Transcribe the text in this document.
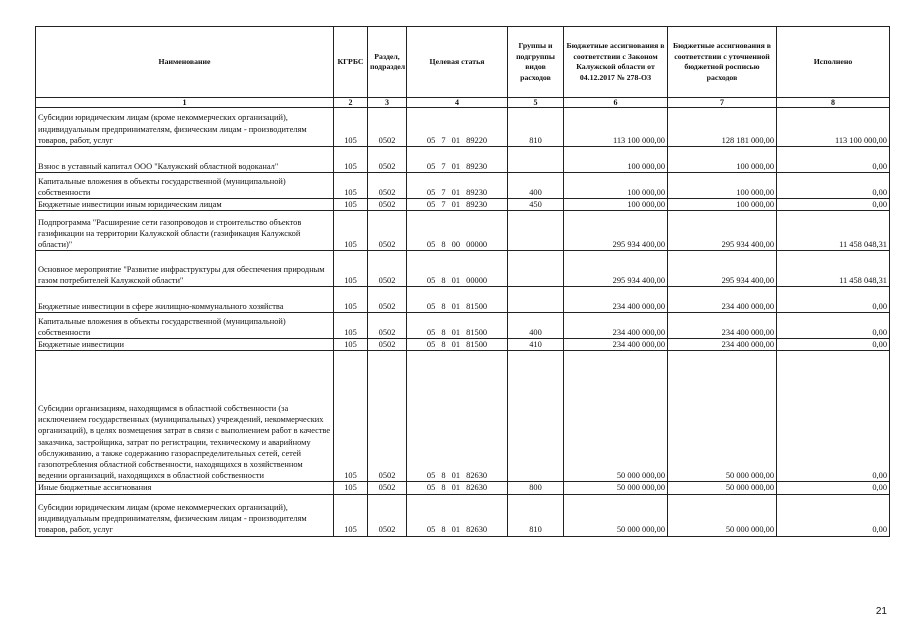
Наименование	КГРБС	Раздел, подраздел	Целевая статья	Группы и подгруппы видов расходов	Бюджетные ассигнования в соответствии с Законом Калужской области от 04.12.2017 № 278-ОЗ	Бюджетные ассигнования в соответствии с уточненной бюджетной росписью расходов	Исполнено
1	2	3	4	5	6	7	8
Субсидии юридическим лицам (кроме некоммерческих организаций), индивидуальным предпринимателям, физическим лицам - производителям товаров, работ, услуг	105	0502	05 7 01 89220	810	113 100 000,00	128 181 000,00	113 100 000,00
Взнос в уставный капитал ООО "Калужский областной водоканал"	105	0502	05 7 01 89230		100 000,00	100 000,00	0,00
Капитальные вложения в объекты государственной (муниципальной) собственности	105	0502	05 7 01 89230	400	100 000,00	100 000,00	0,00
Бюджетные инвестиции иным юридическим лицам	105	0502	05 7 01 89230	450	100 000,00	100 000,00	0,00
Подпрограмма "Расширение сети газопроводов и строительство объектов газификации на территории Калужской области (газификация Калужской области)"	105	0502	05 8 00 00000		295 934 400,00	295 934 400,00	11 458 048,31
Основное мероприятие "Развитие инфраструктуры для обеспечения природным газом потребителей Калужской области"	105	0502	05 8 01 00000		295 934 400,00	295 934 400,00	11 458 048,31
Бюджетные инвестиции в сфере жилищно-коммунального хозяйства	105	0502	05 8 01 81500		234 400 000,00	234 400 000,00	0,00
Капитальные вложения в объекты государственной (муниципальной) собственности	105	0502	05 8 01 81500	400	234 400 000,00	234 400 000,00	0,00
Бюджетные инвестиции	105	0502	05 8 01 81500	410	234 400 000,00	234 400 000,00	0,00
Субсидии организациям, находящимся в областной собственности (за исключением государственных (муниципальных) учреждений, некоммерческих организаций), в целях возмещения затрат в связи с выполнением работ в качестве заказчика, застройщика, затрат по регистрации, техническому и аварийному обслуживанию, а также содержанию газораспределительных сетей, сетей газопотребления областной собственности, находящихся в хозяйственном ведении организаций, находящихся в областной собственности	105	0502	05 8 01 82630		50 000 000,00	50 000 000,00	0,00
Иные бюджетные ассигнования	105	0502	05 8 01 82630	800	50 000 000,00	50 000 000,00	0,00
Субсидии юридическим лицам (кроме некоммерческих организаций), индивидуальным предпринимателям, физическим лицам - производителям товаров, работ, услуг	105	0502	05 8 01 82630	810	50 000 000,00	50 000 000,00	0,00
21
